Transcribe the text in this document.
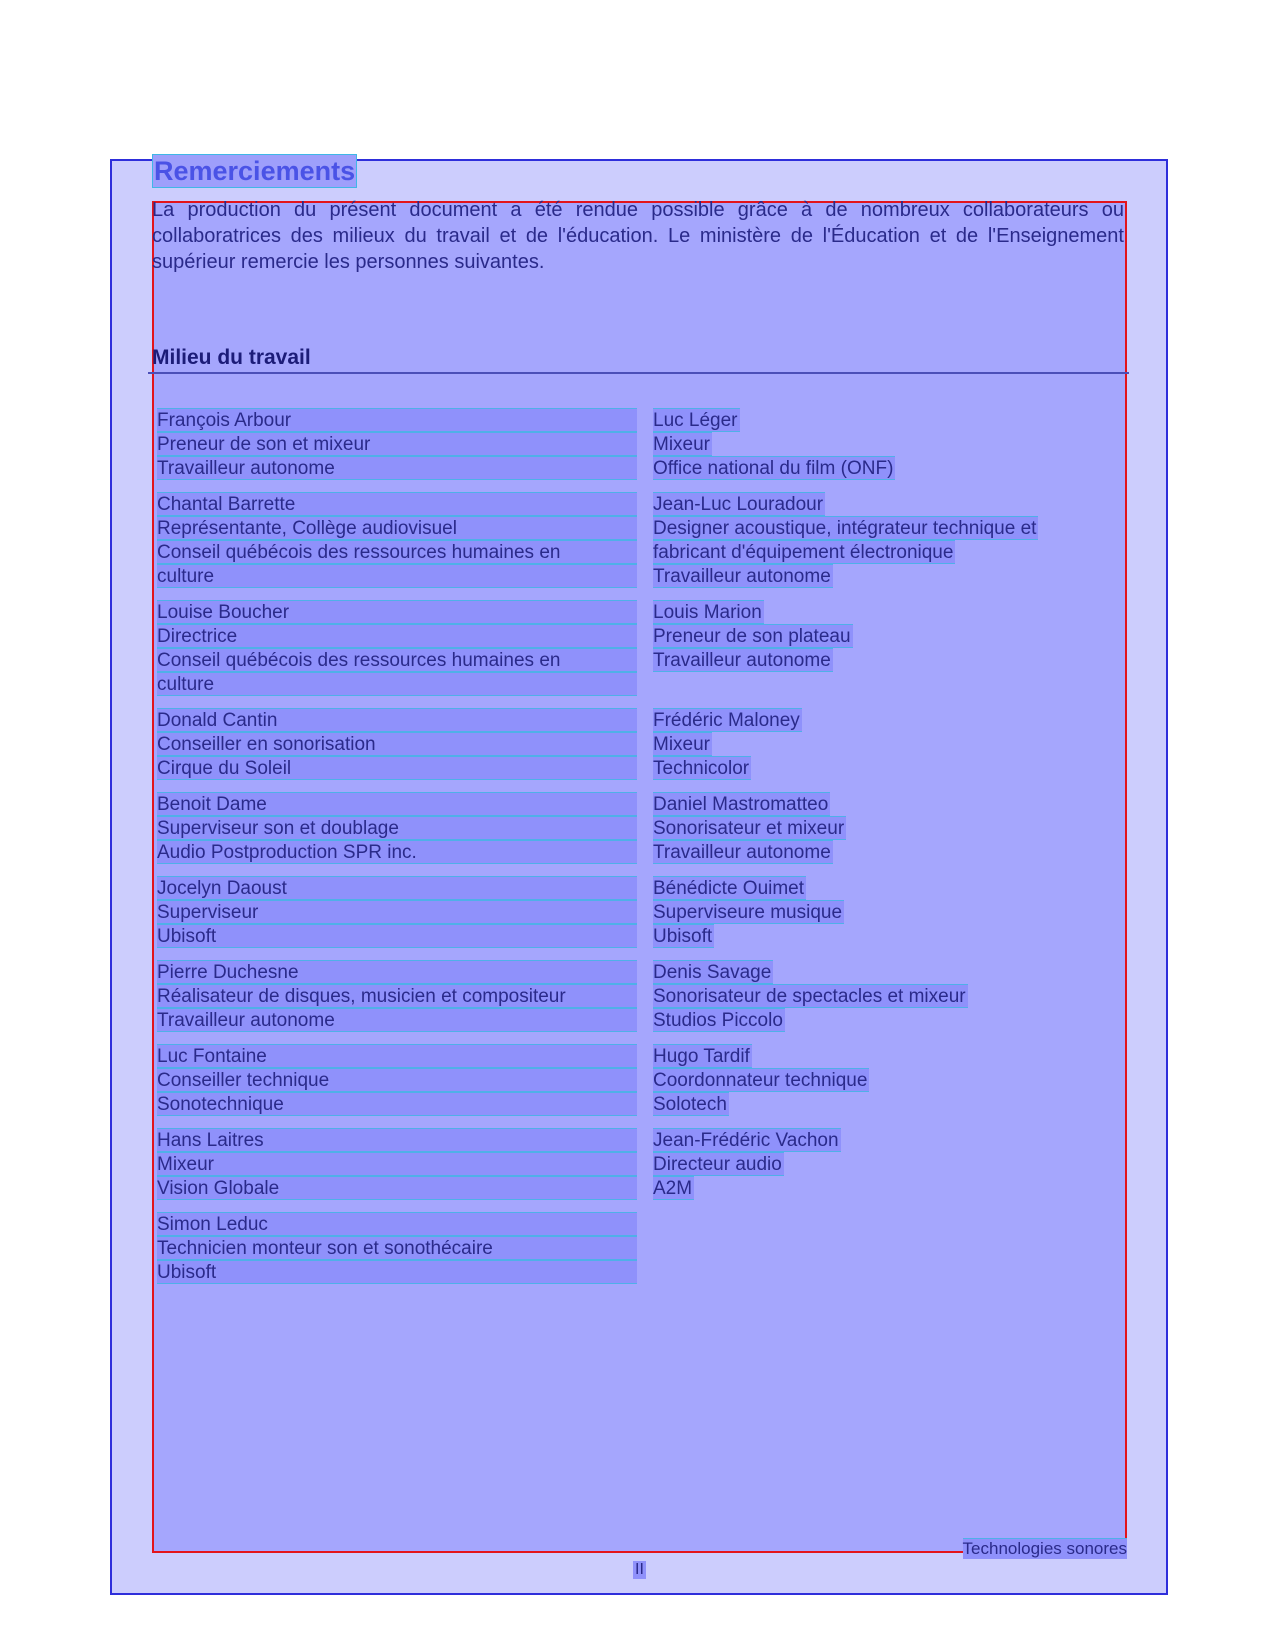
Remerciements

La production du présent document a été rendue possible grâce à de nombreux collaborateurs ou collaboratrices des milieux du travail et de l'éducation. Le ministère de l'Éducation et de l'Enseignement supérieur remercie les personnes suivantes.

Milieu du travail
François Arbour
Preneur de son et mixeur
Travailleur autonome
Chantal Barrette
Représentante, Collège audiovisuel
Conseil québécois des ressources humaines en
culture
Louise Boucher
Directrice
Conseil québécois des ressources humaines en
culture
Donald Cantin
Conseiller en sonorisation
Cirque du Soleil
Benoit Dame
Superviseur son et doublage
Audio Postproduction SPR inc.
Jocelyn Daoust
Superviseur
Ubisoft
Pierre Duchesne
Réalisateur de disques, musicien et compositeur
Travailleur autonome
Luc Fontaine
Conseiller technique
Sonotechnique
Hans Laitres
Mixeur
Vision Globale
Simon Leduc
Technicien monteur son et sonothécaire
Ubisoft
Luc Léger
Mixeur
Office national du film (ONF)
Jean-Luc Louradour
Designer acoustique, intégrateur technique et
fabricant d'équipement électronique
Travailleur autonome
Louis Marion
Preneur de son plateau
Travailleur autonome
Frédéric Maloney
Mixeur
Technicolor
Daniel Mastromatteo
Sonorisateur et mixeur
Travailleur autonome
Bénédicte Ouimet
Superviseure musique
Ubisoft
Denis Savage
Sonorisateur de spectacles et mixeur
Studios Piccolo
Hugo Tardif
Coordonnateur technique
Solotech
Jean-Frédéric Vachon
Directeur audio
A2M
Technologies sonores
II
